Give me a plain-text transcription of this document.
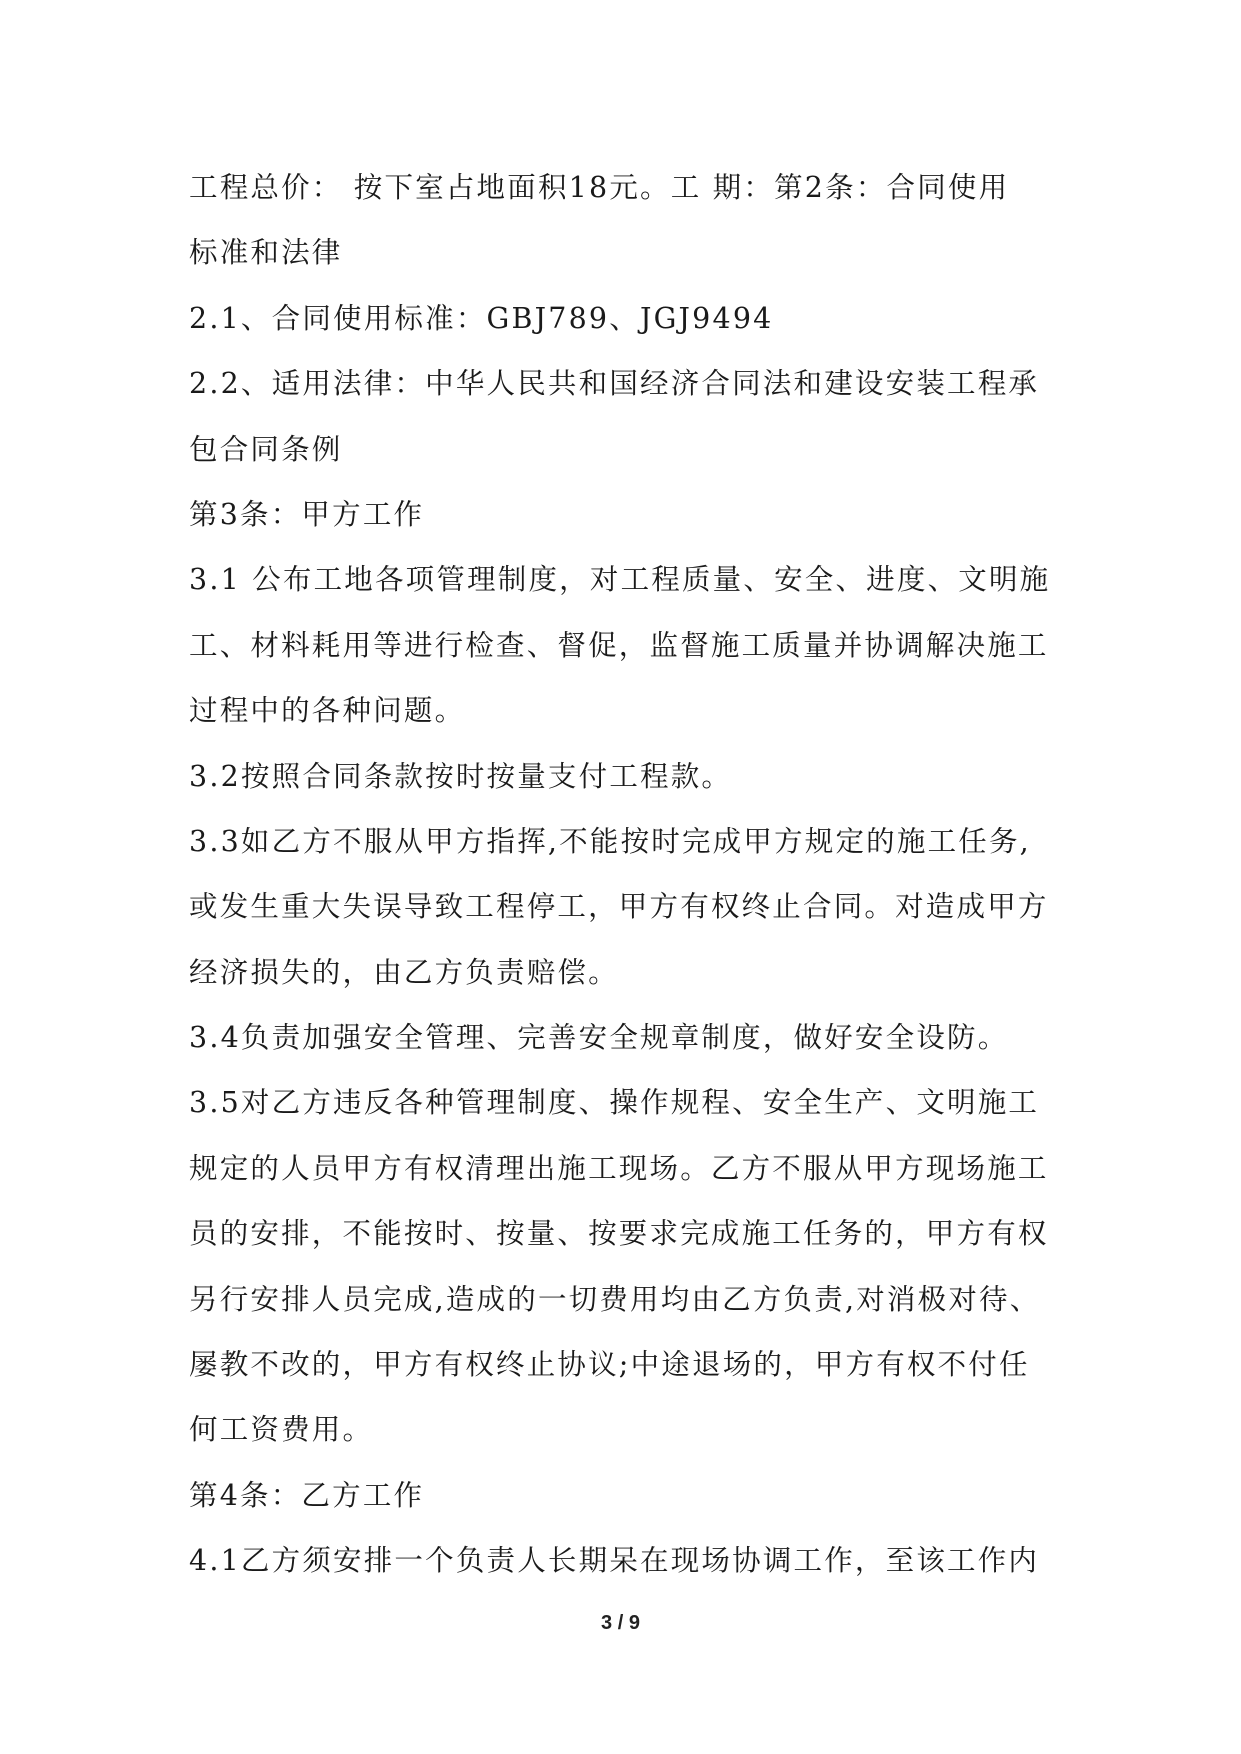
工程总价： 按下室占地面积18元。工 期：第2条：合同使用
标准和法律
2.1、合同使用标准：GBJ789、JGJ9494
2.2、适用法律：中华人民共和国经济合同法和建设安装工程承
包合同条例
第3条：甲方工作
3.1 公布工地各项管理制度，对工程质量、安全、进度、文明施
工、材料耗用等进行检查、督促，监督施工质量并协调解决施工
过程中的各种问题。
3.2按照合同条款按时按量支付工程款。
3.3如乙方不服从甲方指挥,不能按时完成甲方规定的施工任务,
或发生重大失误导致工程停工，甲方有权终止合同。对造成甲方
经济损失的，由乙方负责赔偿。
3.4负责加强安全管理、完善安全规章制度，做好安全设防。
3.5对乙方违反各种管理制度、操作规程、安全生产、文明施工
规定的人员甲方有权清理出施工现场。乙方不服从甲方现场施工
员的安排，不能按时、按量、按要求完成施工任务的，甲方有权
另行安排人员完成,造成的一切费用均由乙方负责,对消极对待、
屡教不改的，甲方有权终止协议;中途退场的，甲方有权不付任
何工资费用。
第4条：乙方工作
4.1乙方须安排一个负责人长期呆在现场协调工作，至该工作内
3 / 9
